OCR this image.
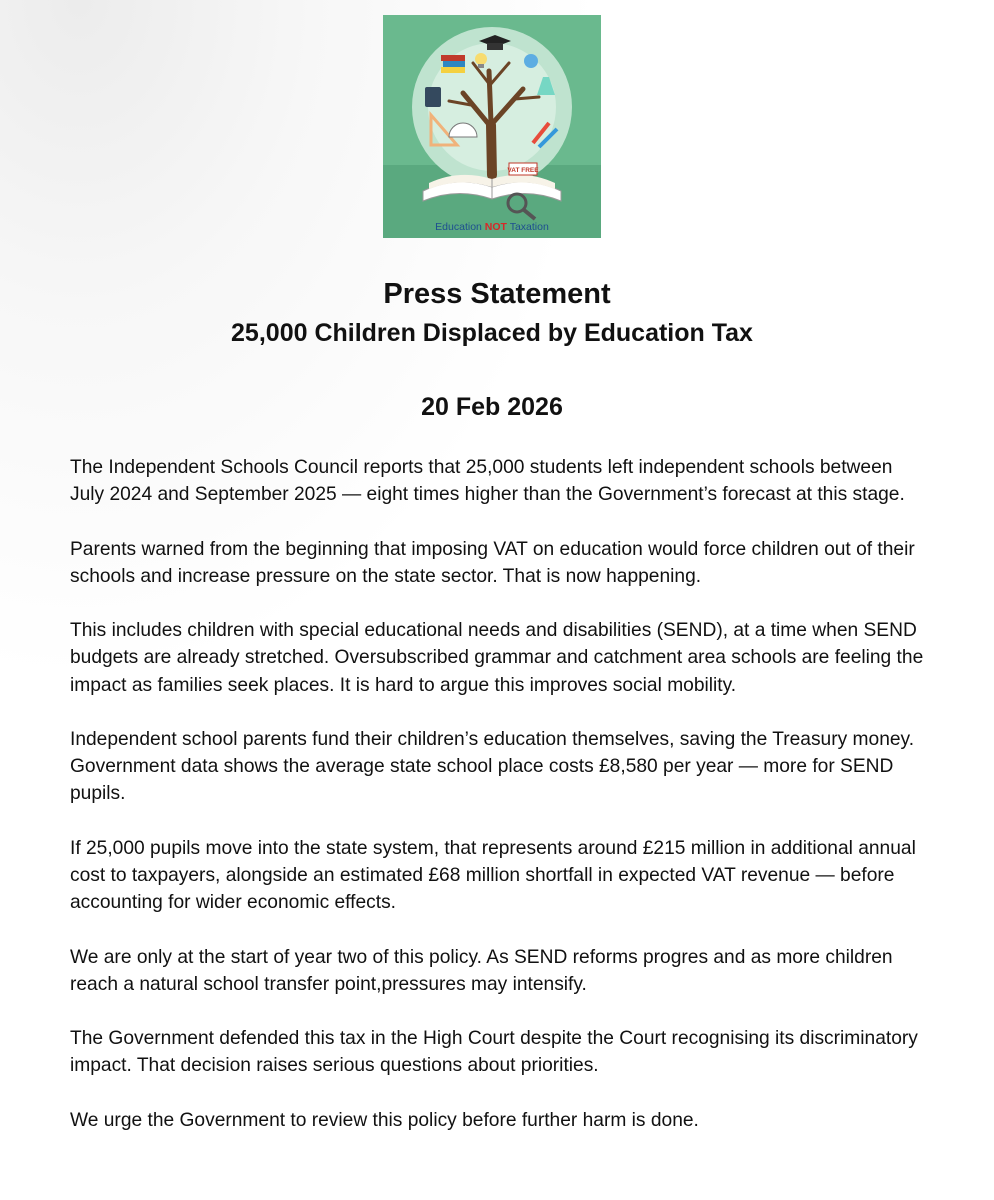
VAT FREE
Education NOT Taxation
Press Statement
25,000 Children Displaced by Education Tax
20 Feb 2026

The Independent Schools Council reports that 25,000 students left independent schools between July 2024 and September 2025 — eight times higher than the Government’s forecast at this stage.

Parents warned from the beginning that imposing VAT on education would force children out of their schools and increase pressure on the state sector. That is now happening.

This includes children with special educational needs and disabilities (SEND), at a time when SEND budgets are already stretched. Oversubscribed grammar and catchment area schools are feeling the impact as families seek places. It is hard to argue this improves social mobility.

Independent school parents fund their children’s education themselves, saving the Treasury money. Government data shows the average state school place costs £8,580 per year — more for SEND pupils.

If 25,000 pupils move into the state system, that represents around £215 million in additional annual cost to taxpayers, alongside an estimated £68 million shortfall in expected VAT revenue — before accounting for wider economic effects.

We are only at the start of year two of this policy. As SEND reforms progres and as more children reach a natural school transfer point,pressures may intensify.

The Government defended this tax in the High Court despite the Court recognising its discriminatory impact. That decision raises serious questions about priorities.

We urge the Government to review this policy before further harm is done.
